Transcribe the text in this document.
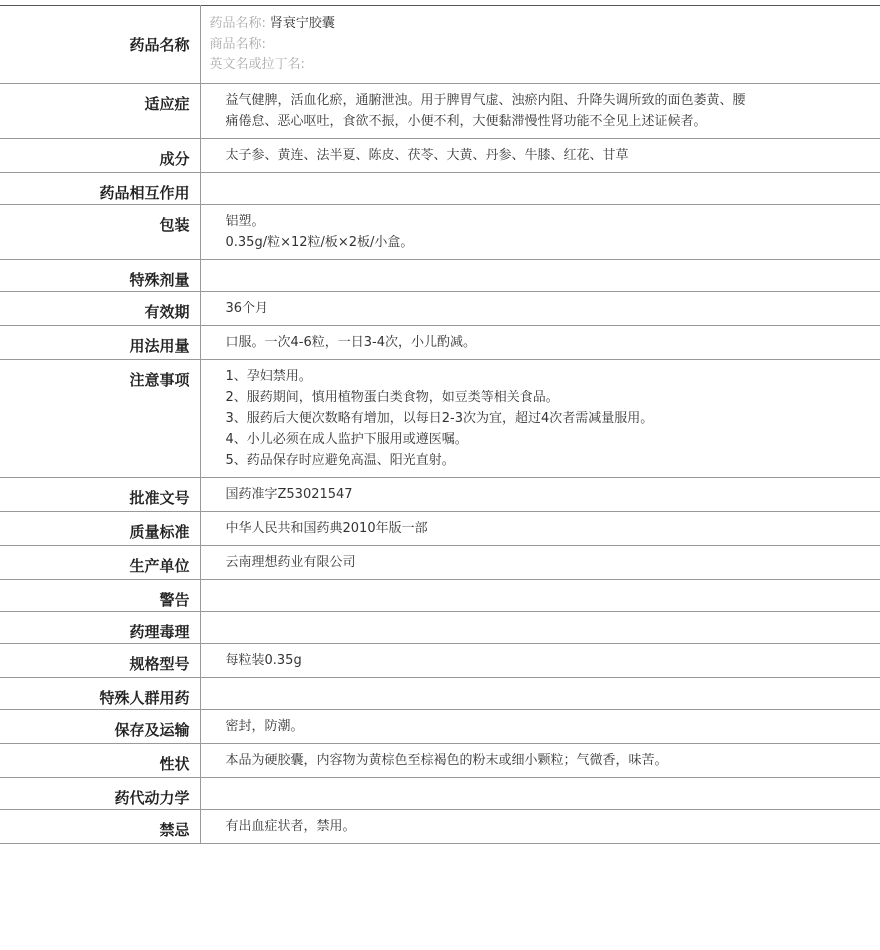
药品名称	药品名称: 肾衰宁胶囊
商品名称:
英文名或拉丁名:

适应症	益气健脾，活血化瘀，通腑泄浊。用于脾胃气虚、浊瘀内阻、升降失调所致的面色萎黄、腰
痛倦怠、恶心呕吐，食欲不振，小便不利，大便黏滞慢性肾功能不全见上述证候者。

成分	太子参、黄连、法半夏、陈皮、茯苓、大黄、丹参、牛膝、红花、甘草
药品相互作用	
包装	铝塑。
0.35g/粒×12粒/板×2板/小盒。

特殊剂量	
有效期	36个月
用法用量	口服。一次4-6粒，一日3-4次，小儿酌减。
注意事项	1、孕妇禁用。
2、服药期间，慎用植物蛋白类食物，如豆类等相关食品。
3、服药后大便次数略有增加，以每日2-3次为宜，超过4次者需减量服用。
4、小儿必须在成人监护下服用或遵医嘱。
5、药品保存时应避免高温、阳光直射。

批准文号	国药准字Z53021547
质量标准	中华人民共和国药典2010年版一部
生产单位	云南理想药业有限公司
警告	
药理毒理	
规格型号	每粒装0.35g
特殊人群用药	
保存及运输	密封，防潮。
性状	本品为硬胶囊，内容物为黄棕色至棕褐色的粉末或细小颗粒；气微香，味苦。
药代动力学	
禁忌	有出血症状者，禁用。
